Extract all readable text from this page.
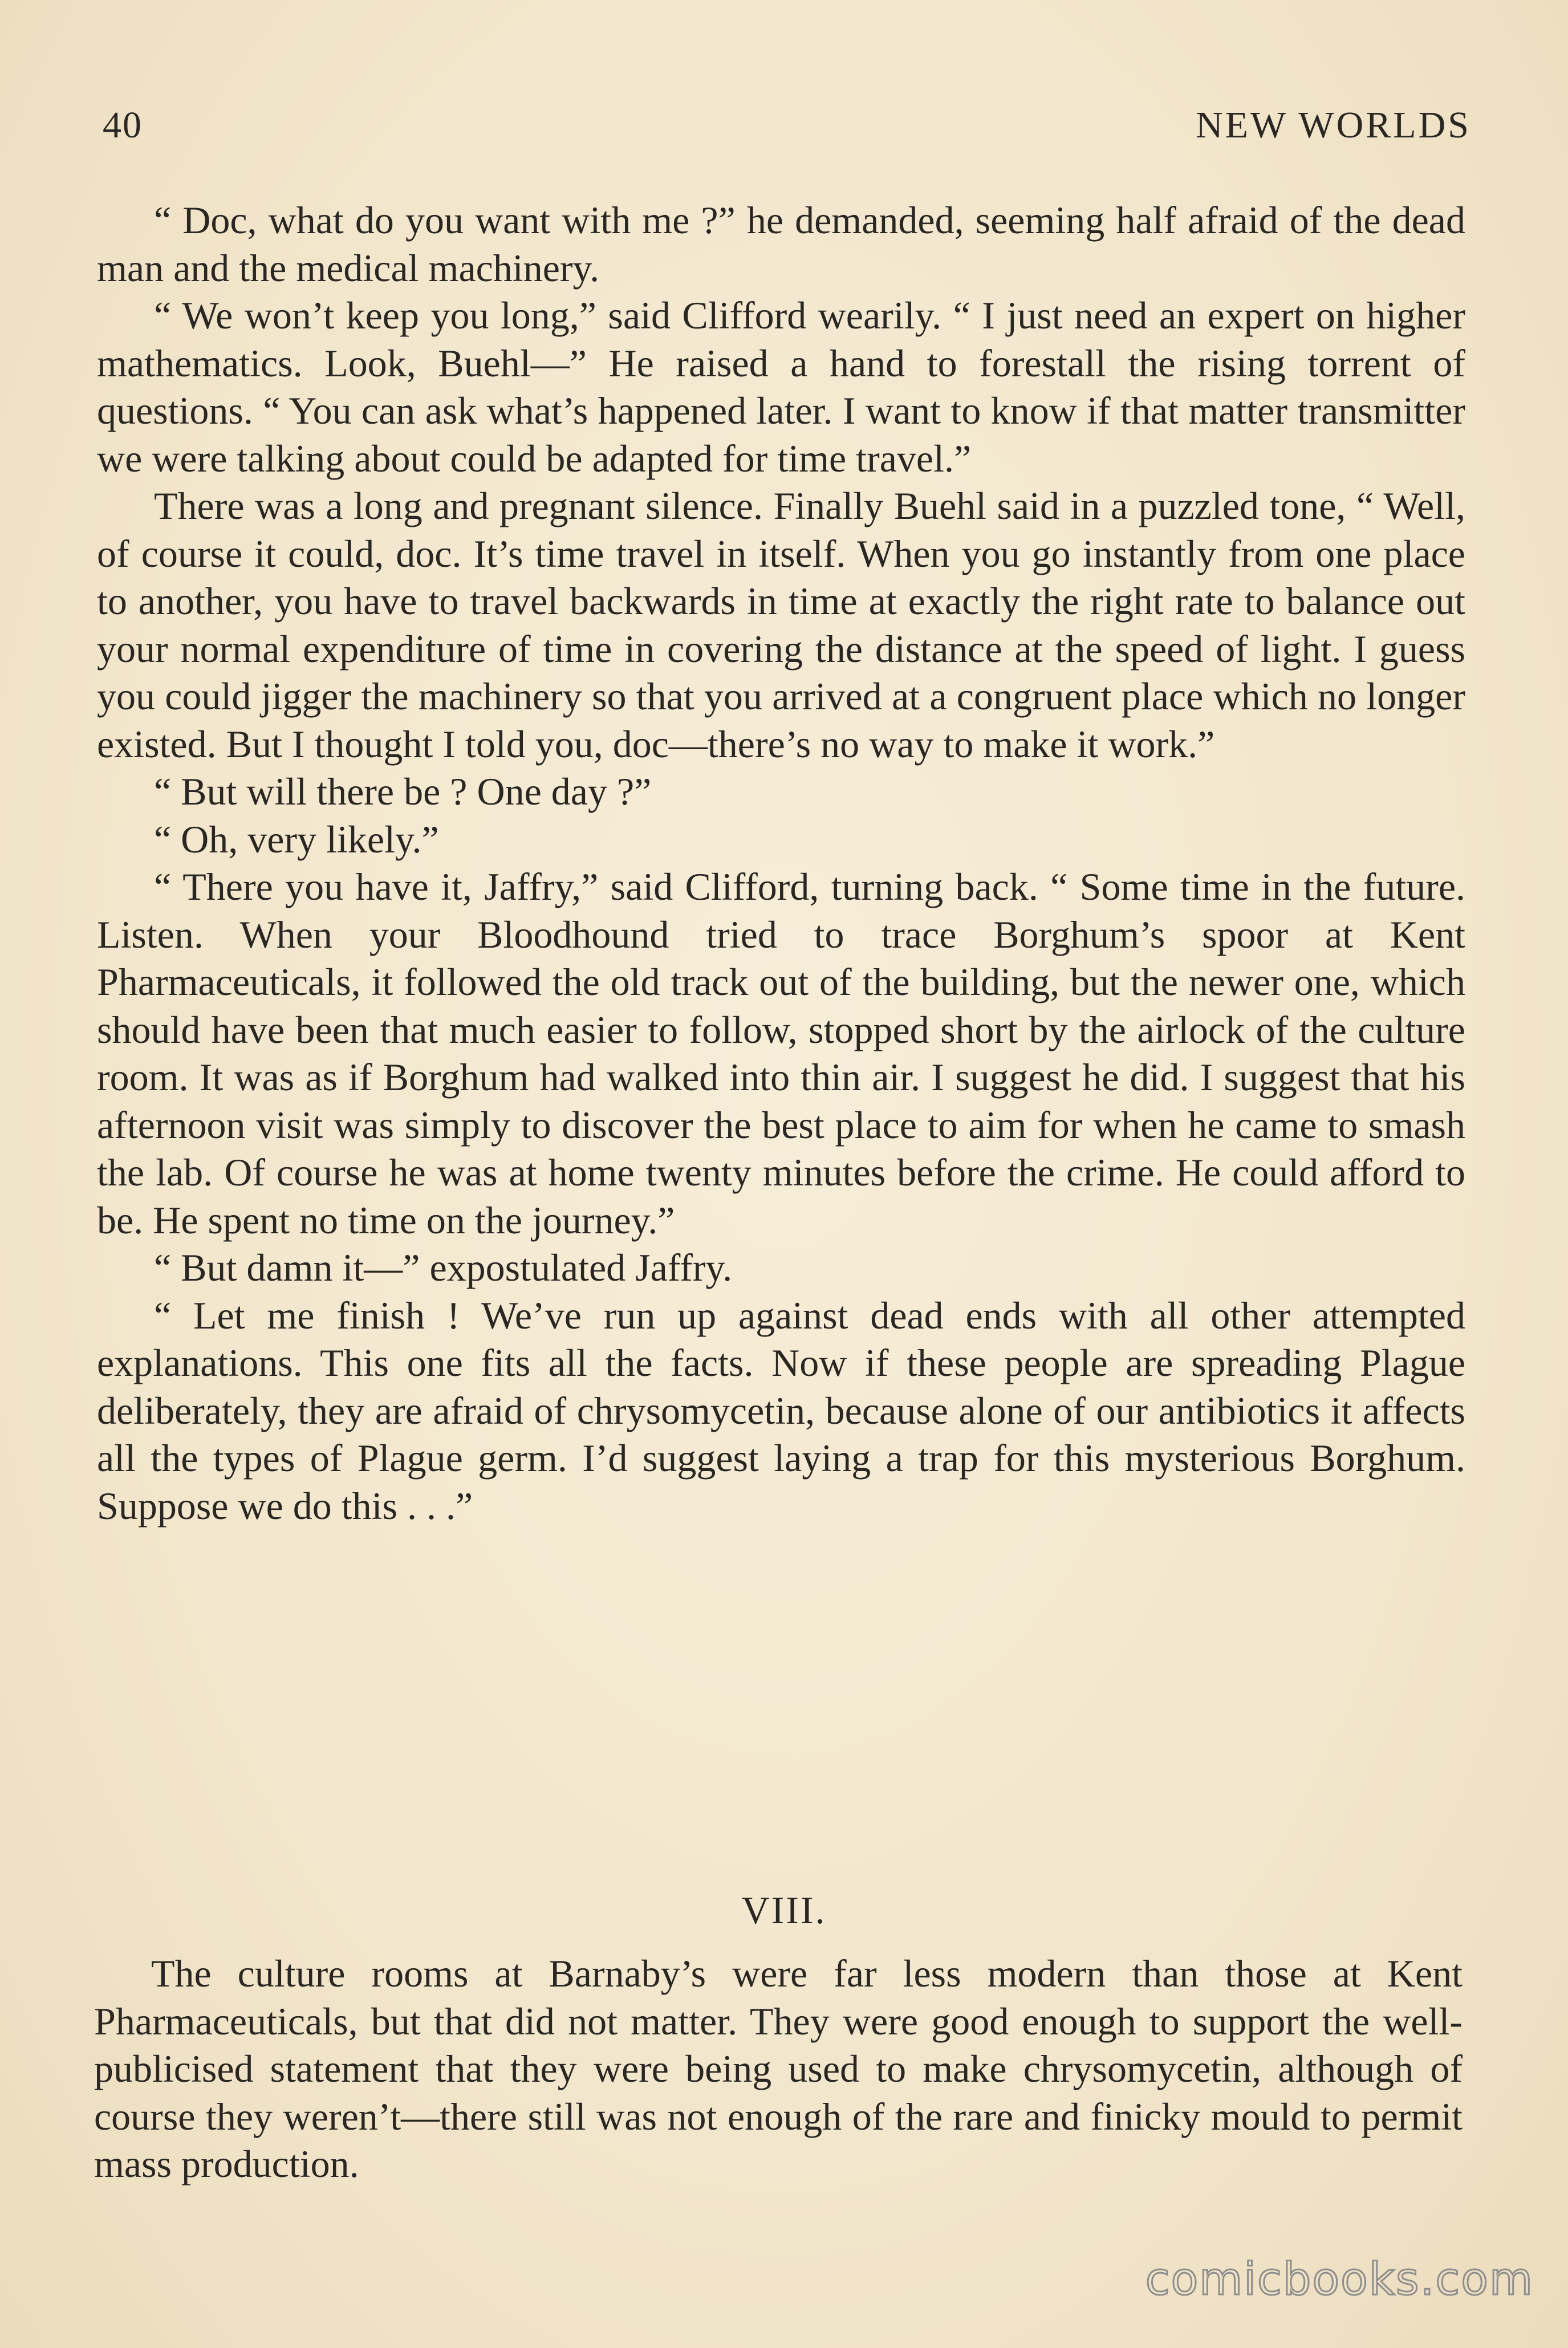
40	NEW WORLDS

“ Doc, what do you want with me ?” he demanded, seeming half afraid of the dead man and the medical machinery.

“ We won’t keep you long,” said Clifford wearily. “ I just need an expert on higher mathematics. Look, Buehl—” He raised a hand to forestall the rising torrent of questions. “ You can ask what’s happened later. I want to know if that matter transmitter we were talking about could be adapted for time travel.”

There was a long and pregnant silence. Finally Buehl said in a puzzled tone, “ Well, of course it could, doc. It’s time travel in itself. When you go instantly from one place to another, you have to travel backwards in time at exactly the right rate to balance out your normal expenditure of time in covering the distance at the speed of light. I guess you could jigger the machinery so that you arrived at a congruent place which no longer existed. But I thought I told you, doc—there’s no way to make it work.”

“ But will there be ? One day ?”

“ Oh, very likely.”

“ There you have it, Jaffry,” said Clifford, turning back. “ Some time in the future. Listen. When your Bloodhound tried to trace Borghum’s spoor at Kent Pharmaceuticals, it followed the old track out of the building, but the newer one, which should have been that much easier to follow, stopped short by the airlock of the culture room. It was as if Borghum had walked into thin air. I suggest he did. I suggest that his afternoon visit was simply to discover the best place to aim for when he came to smash the lab. Of course he was at home twenty minutes before the crime. He could afford to be. He spent no time on the journey.”

“ But damn it—” expostulated Jaffry.

“ Let me finish ! We’ve run up against dead ends with all other attempted explanations. This one fits all the facts. Now if these people are spreading Plague deliberately, they are afraid of chrysomycetin, because alone of our antibiotics it affects all the types of Plague germ. I’d suggest laying a trap for this mysterious Borghum. Suppose we do this . . .”

VIII.

The culture rooms at Barnaby’s were far less modern than those at Kent Pharmaceuticals, but that did not matter. They were good enough to support the well-publicised statement that they were being used to make chrysomycetin, although of course they weren’t—there still was not enough of the rare and finicky mould to permit mass production.

comicbooks.com
